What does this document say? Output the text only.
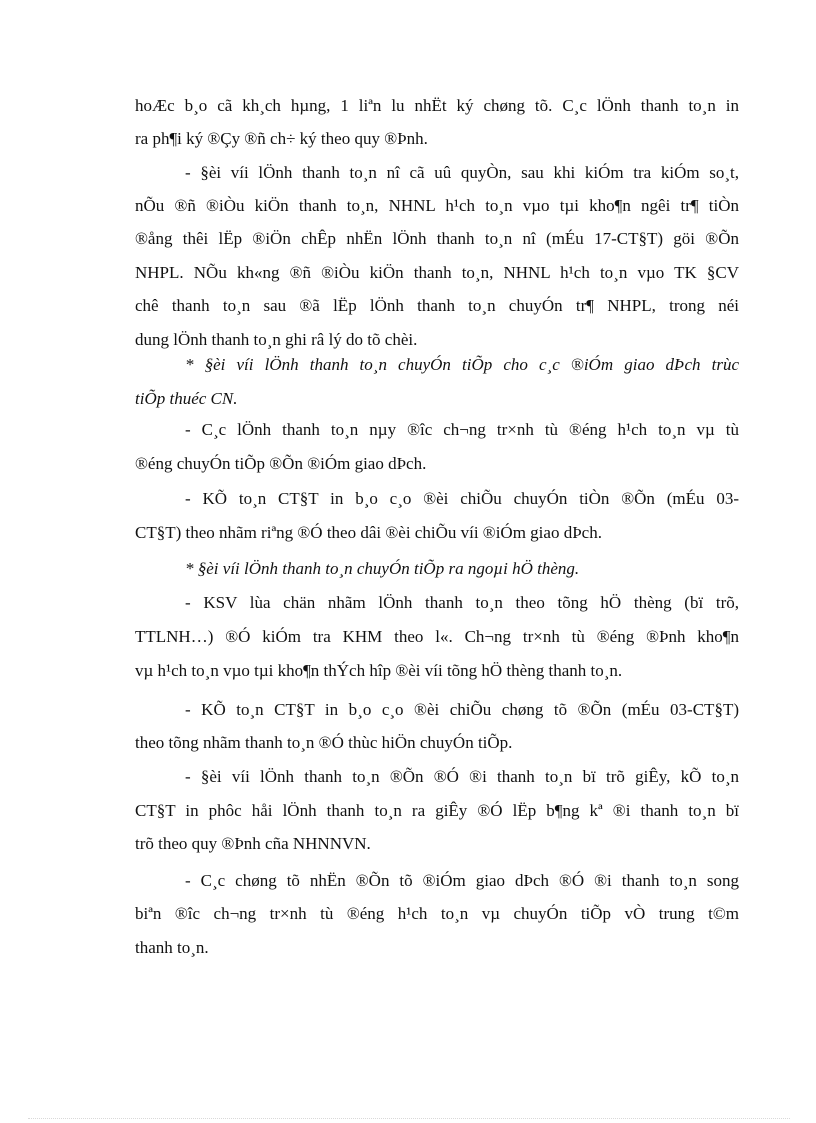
hoÆc b¸o cã kh¸ch hµng, 1 liªn lu nhËt ký chøng tõ. C¸c lÖnh thanh to¸n in
ra ph¶i ký ®Çy ®ñ ch÷ ký theo quy ®Þnh.
- §èi víi lÖnh thanh to¸n nî cã uû quyÒn, sau khi kiÓm tra kiÓm so¸t,
nÕu ®ñ ®iÒu kiÖn thanh to¸n, NHNL h¹ch to¸n vµo tµi kho¶n ngêi tr¶ tiÒn
®ång thêi lËp ®iÖn chÊp nhËn lÖnh thanh to¸n nî (mÉu 17-CT§T) göi ®Õn
NHPL. NÕu kh«ng ®ñ ®iÒu kiÖn thanh to¸n, NHNL h¹ch to¸n vµo TK §CV
chê thanh to¸n sau ®ã lËp lÖnh thanh to¸n chuyÓn tr¶ NHPL, trong néi
dung lÖnh thanh to¸n ghi râ lý do tõ chèi.
* §èi víi lÖnh thanh to¸n chuyÓn tiÕp cho c¸c ®iÓm giao dÞch trùc
tiÕp thuéc CN.
- C¸c lÖnh thanh to¸n nµy ®îc ch¬ng tr×nh tù ®éng h¹ch to¸n vµ tù
®éng chuyÓn tiÕp ®Õn ®iÓm giao dÞch.
- KÕ to¸n CT§T in b¸o c¸o ®èi chiÕu chuyÓn tiÒn ®Õn (mÉu 03-
CT§T) theo nhãm riªng ®Ó theo dâi ®èi chiÕu víi ®iÓm giao dÞch.
* §èi víi lÖnh thanh to¸n chuyÓn tiÕp ra ngoµi hÖ thèng.
- KSV lùa chän nhãm lÖnh thanh to¸n theo tõng hÖ thèng (bï trõ,
TTLNH…) ®Ó kiÓm tra KHM theo l«. Ch¬ng tr×nh tù ®éng ®Þnh kho¶n
vµ h¹ch to¸n vµo tµi kho¶n thÝch hîp ®èi víi tõng hÖ thèng thanh to¸n.
- KÕ to¸n CT§T in b¸o c¸o ®èi chiÕu chøng tõ ®Õn (mÉu 03-CT§T)
theo tõng nhãm thanh to¸n ®Ó thùc hiÖn chuyÓn tiÕp.
- §èi víi lÖnh thanh to¸n ®Õn ®Ó ®i thanh to¸n bï trõ giÊy, kÕ to¸n
CT§T in phôc håi lÖnh thanh to¸n ra giÊy ®Ó lËp b¶ng kª ®i thanh to¸n bï
trõ theo quy ®Þnh cña NHNNVN.
- C¸c chøng tõ nhËn ®Õn tõ ®iÓm giao dÞch ®Ó ®i thanh to¸n song
biªn ®îc ch¬ng tr×nh tù ®éng h¹ch to¸n vµ chuyÓn tiÕp vÒ trung t©m
thanh to¸n.
